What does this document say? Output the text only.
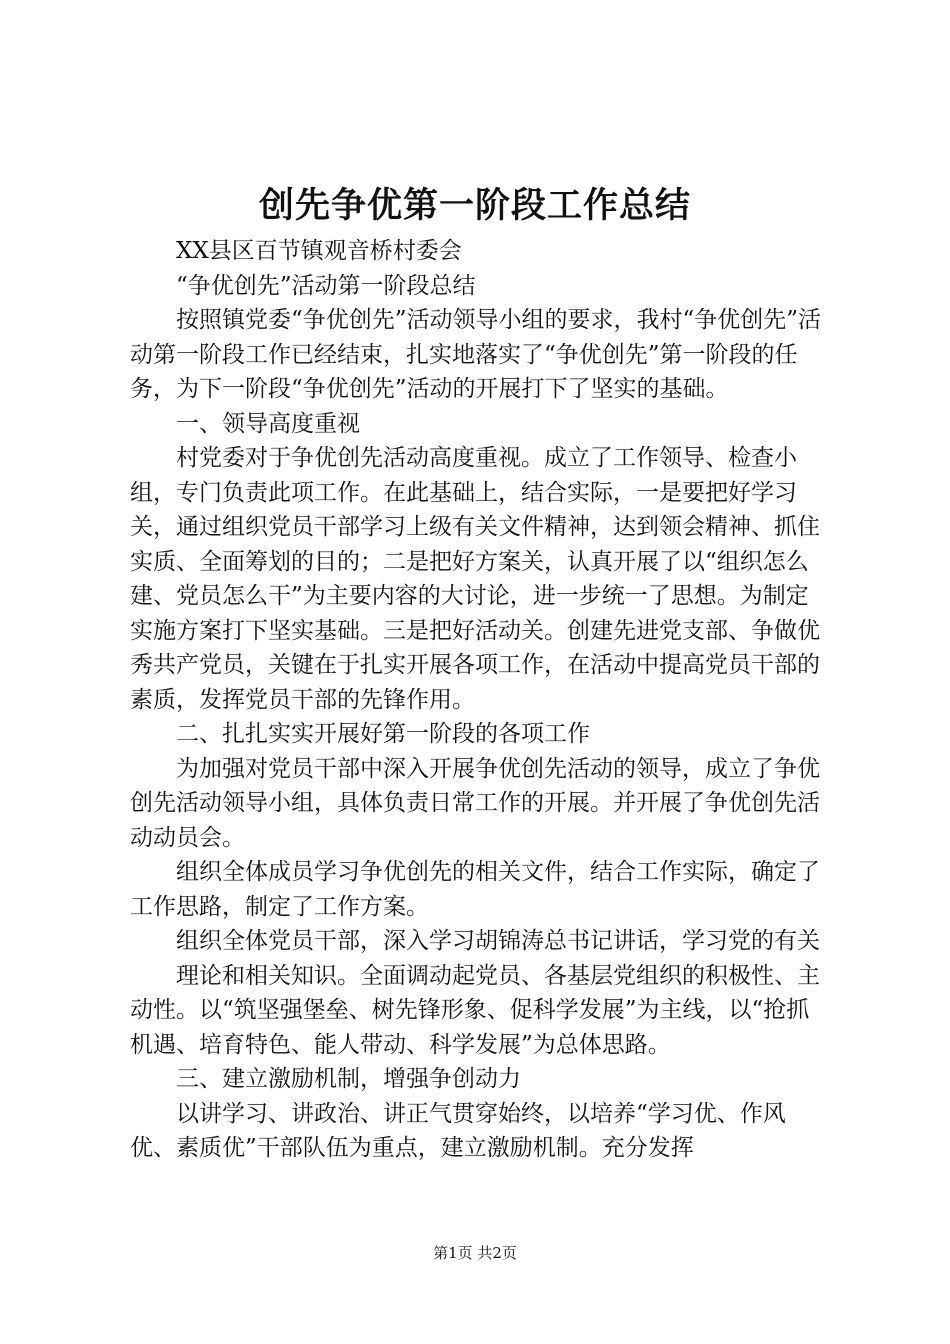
创先争优第一阶段工作总结

XX县区百节镇观音桥村委会

“争优创先”活动第一阶段总结

按照镇党委“争优创先”活动领导小组的要求，我村“争优创先”活动第一阶段工作已经结束，扎实地落实了“争优创先”第一阶段的任务，为下一阶段“争优创先”活动的开展打下了坚实的基础。

一、领导高度重视

村党委对于争优创先活动高度重视。成立了工作领导、检查小组，专门负责此项工作。在此基础上，结合实际，一是要把好学习关，通过组织党员干部学习上级有关文件精神，达到领会精神、抓住实质、全面筹划的目的；二是把好方案关，认真开展了以“组织怎么建、党员怎么干”为主要内容的大讨论，进一步统一了思想。为制定实施方案打下坚实基础。三是把好活动关。创建先进党支部、争做优秀共产党员，关键在于扎实开展各项工作，在活动中提高党员干部的素质，发挥党员干部的先锋作用。

二、扎扎实实开展好第一阶段的各项工作

为加强对党员干部中深入开展争优创先活动的领导，成立了争优创先活动领导小组，具体负责日常工作的开展。并开展了争优创先活动动员会。

组织全体成员学习争优创先的相关文件，结合工作实际，确定了工作思路，制定了工作方案。

组织全体党员干部，深入学习胡锦涛总书记讲话，学习党的有关

理论和相关知识。全面调动起党员、各基层党组织的积极性、主动性。以“筑坚强堡垒、树先锋形象、促科学发展”为主线，以“抢抓机遇、培育特色、能人带动、科学发展”为总体思路。

三、建立激励机制，增强争创动力

以讲学习、讲政治、讲正气贯穿始终，以培养“学习优、作风优、素质优”干部队伍为重点，建立激励机制。充分发挥

第1页 共2页
